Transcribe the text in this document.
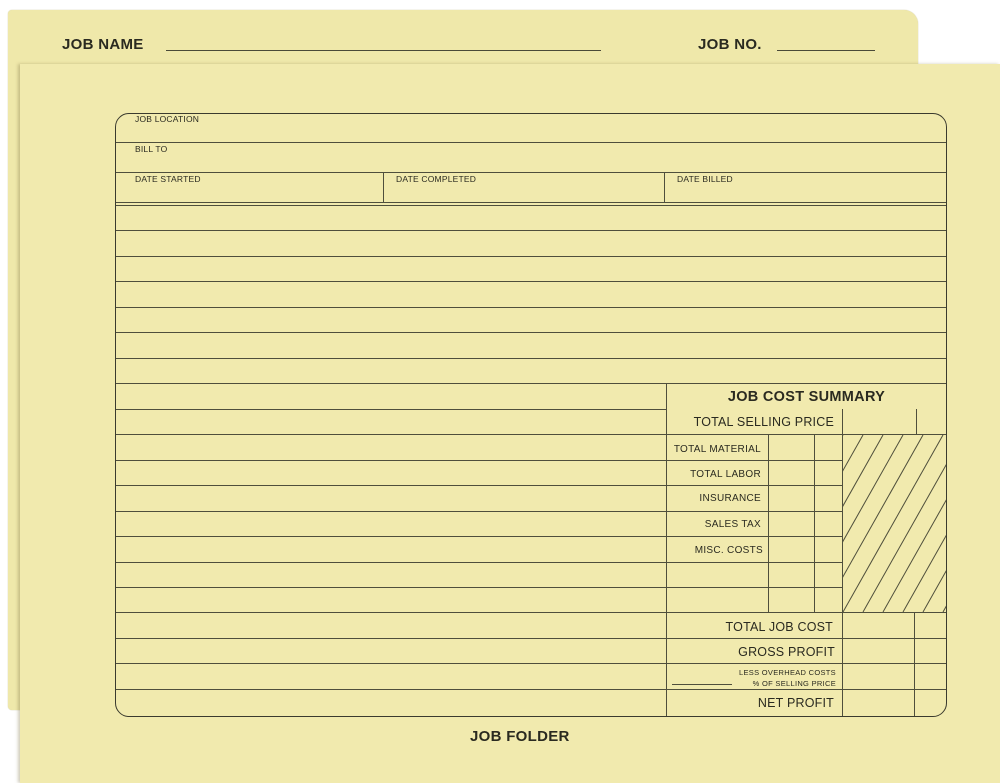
JOB NAME	JOB NO.
JOB LOCATION
BILL TO
DATE STARTED	DATE COMPLETED	DATE BILLED
JOB COST SUMMARY
TOTAL SELLING PRICE
TOTAL MATERIAL
TOTAL LABOR
INSURANCE
SALES TAX
MISC. COSTS
TOTAL JOB COST
GROSS PROFIT
LESS OVERHEAD COSTS
% OF SELLING PRICE
NET PROFIT
JOB FOLDER
